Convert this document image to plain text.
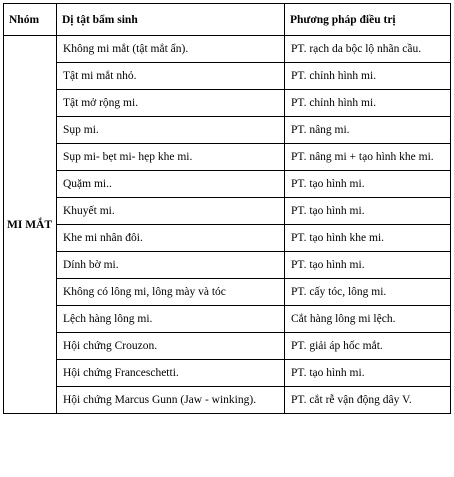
Nhóm	Dị tật bẩm sinh	Phương pháp điều trị
MI MẮT	Không mi mắt (tật mắt ẩn).	PT. rạch da bộc lộ nhãn cầu.
	Tật mi mắt nhỏ.	PT. chỉnh hình mi.
	Tật mở rộng mi.	PT. chỉnh hình mi.
	Sụp mi.	PT. nâng mi.
	Sụp mi- bẹt mi- hẹp khe mi.	PT. nâng mi + tạo hình khe mi.
	Quặm mi..	PT. tạo hình mi.
	Khuyết mi.	PT. tạo hình mi.
	Khe mi nhân đôi.	PT. tạo hình khe mi.
	Dính bờ mi.	PT. tạo hình mi.
	Không có lông mi, lông mày và tóc	PT. cấy tóc, lông mi.
	Lệch hàng lông mi.	Cắt hàng lông mi lệch.
	Hội chứng Crouzon.	PT. giải áp hốc mắt.
	Hội chứng Franceschetti.	PT. tạo hình mi.
	Hội chứng Marcus Gunn (Jaw - winking).	PT. cắt rễ vận động dây V.
